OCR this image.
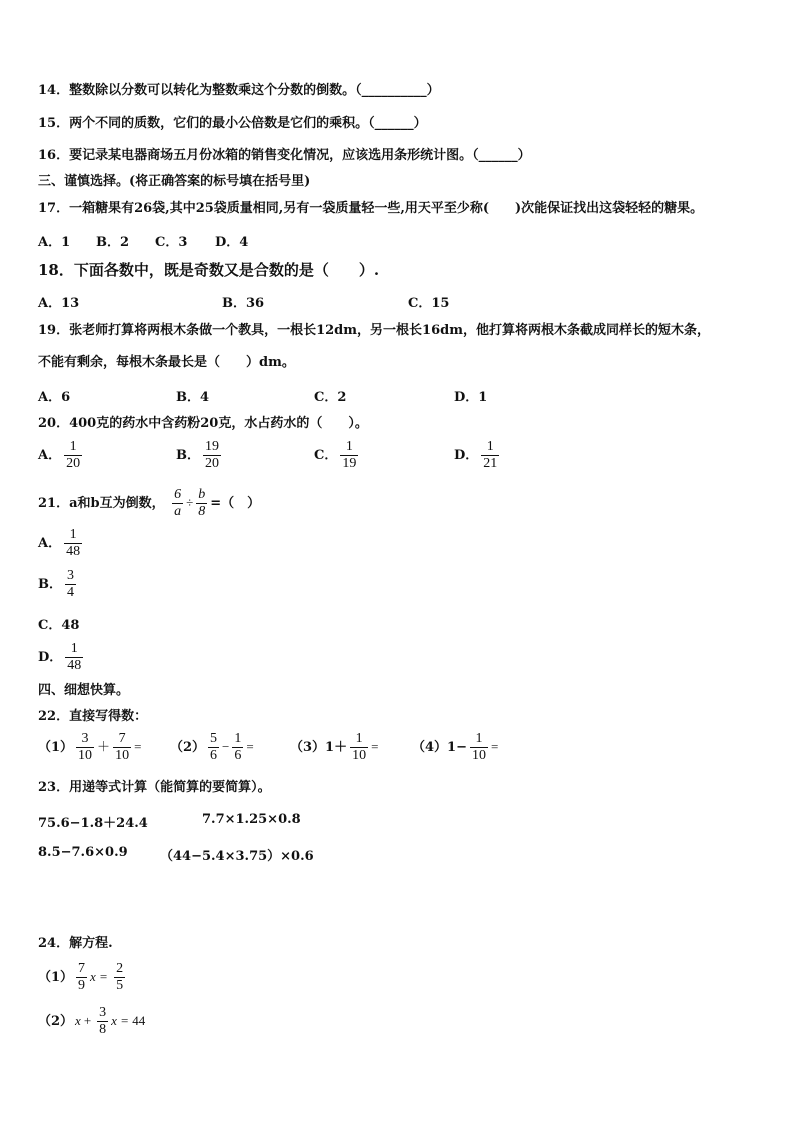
14．整数除以分数可以转化为整数乘这个分数的倒数。（__________）
15．两个不同的质数，它们的最小公倍数是它们的乘积。（______）
16．要记录某电器商场五月份冰箱的销售变化情况，应该选用条形统计图。（______）
三、谨慎选择。(将正确答案的标号填在括号里)
17．一箱糖果有26袋,其中25袋质量相同,另有一袋质量轻一些,用天平至少称(　　)次能保证找出这袋轻轻的糖果。
A．1 B．2 C．3 D．4
18．下面各数中，既是奇数又是合数的是（　　）.
A．13	B．36	C．15
19．张老师打算将两根木条做一个教具，一根长12dm，另一根长16dm，他打算将两根木条截成同样长的短木条，
不能有剩余，每根木条最长是（　　）dm。
A．6	B．4	C．2	D．1
20．400克的药水中含药粉20克，水占药水的（　　）。
A． $\frac{1}{20}$	B． $\frac{19}{20}$	C． $\frac{1}{19}$	D． $\frac{1}{21}$
21．a和b互为倒数， $\frac{6}{a} \div \frac{b}{8}$ =（　）
A． $\frac{1}{48}$
B． $\frac{3}{4}$
C．48
D． $\frac{1}{48}$
四、细想快算。
22．直接写得数：
$(1) \frac{3}{10} + \frac{7}{10} = (2) \frac{5}{6} - \frac{1}{6}$ =	$(3)1+ \frac{1}{10}$ =	$(4)1- \frac{1}{10}$ =
23．用递等式计算（能简算的要简算）。
75.6−1.8＋24.4	7.7×1.25×0.8
8.5−7.6×0.9 （44−5.4×3.75）×0.6
24．解方程.
$(1) \frac{7}{9}$ $x = \frac{2}{5}$
（2） $x + \frac{3}{8}$ x = 44
